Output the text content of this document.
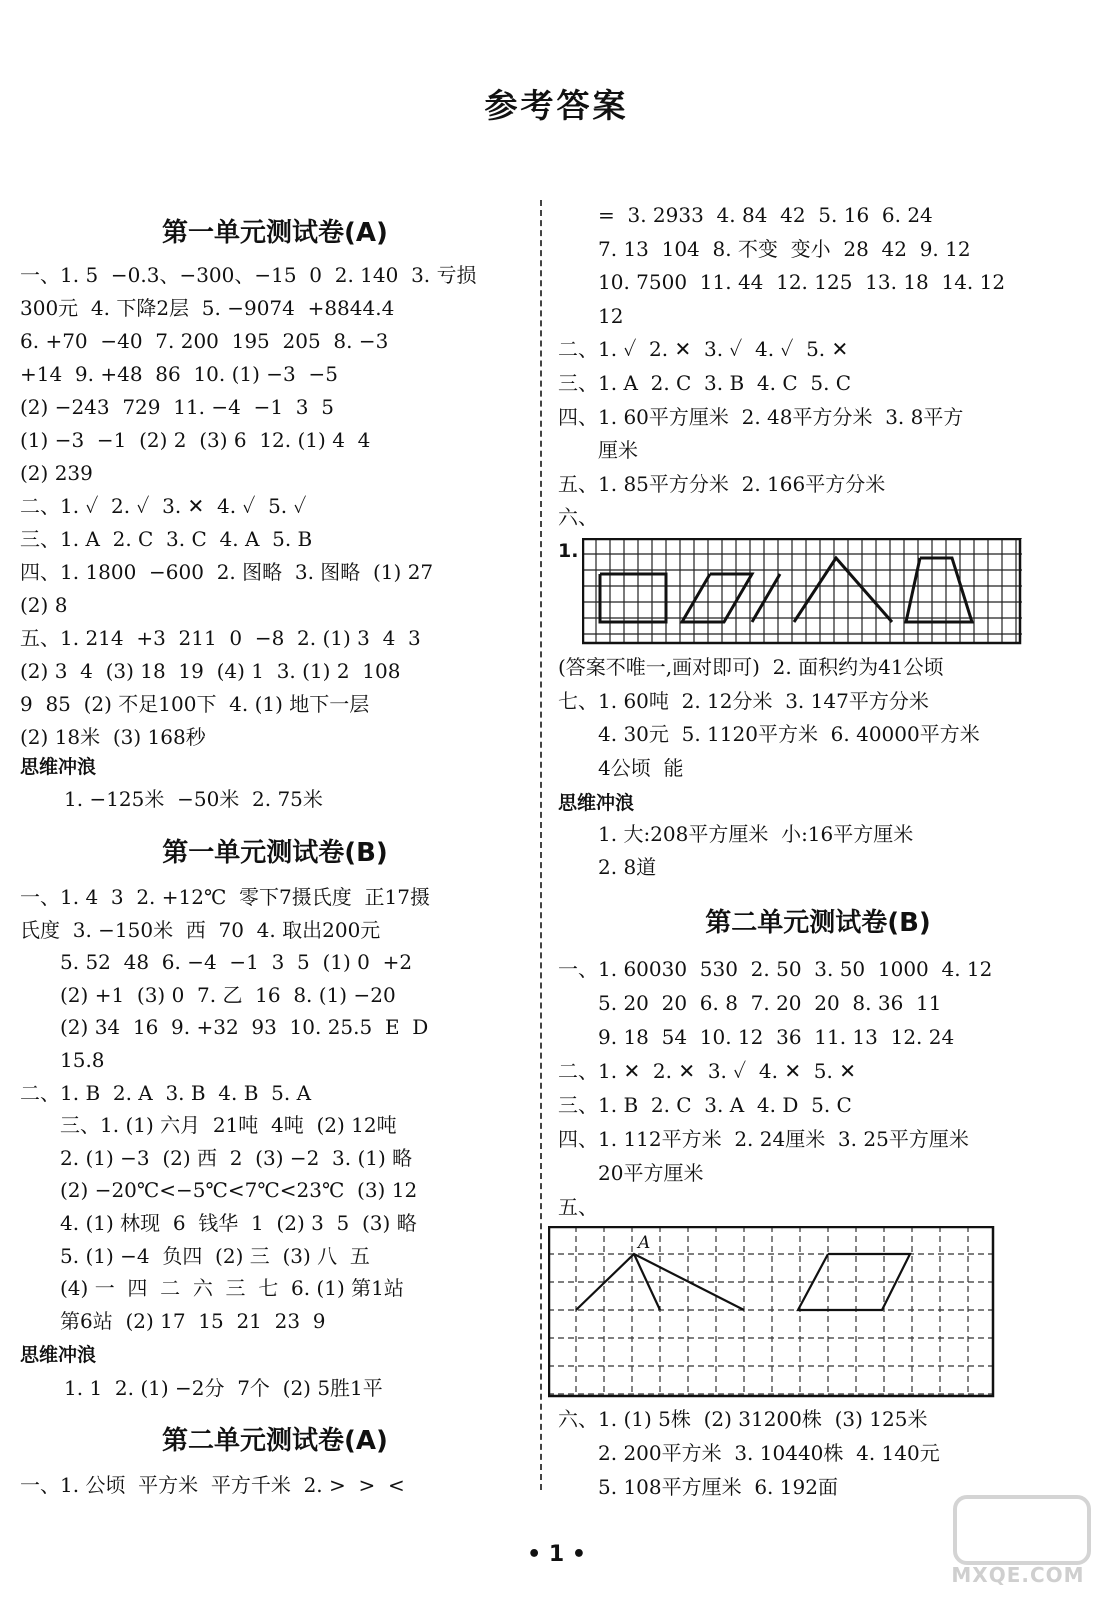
参考答案
第一单元测试卷(A)
一、1. 5  −0.3、−300、−15  0  2. 140  3. 亏损
300元  4. 下降2层  5. −9074  +8844.4
6. +70  −40  7. 200  195  205  8. −3
+14  9. +48  86  10. (1) −3  −5
(2) −243  729  11. −4  −1  3  5
(1) −3  −1  (2) 2  (3) 6  12. (1) 4  4
(2) 239
二、1. ✓  2. ✓  3. ✕  4. ✓  5. ✓
三、1. A  2. C  3. C  4. A  5. B
四、1. 1800  −600  2. 图略  3. 图略  (1) 27
(2) 8
五、1. 214  +3  211  0  −8  2. (1) 3  4  3
(2) 3  4  (3) 18  19  (4) 1  3. (1) 2  108
9  85  (2) 不足100下  4. (1) 地下一层
(2) 18米  (3) 168秒
思维冲浪
1. −125米  −50米  2. 75米
第一单元测试卷(B)
一、1. 4  3  2. +12℃  零下7摄氏度  正17摄
氏度  3. −150米  西  70  4. 取出200元
5. 52  48  6. −4  −1  3  5  (1) 0  +2
(2) +1  (3) 0  7. 乙  16  8. (1) −20
(2) 34  16  9. +32  93  10. 25.5  E  D
15.8
二、1. B  2. A  3. B  4. B  5. A
三、1. (1) 六月  21吨  4吨  (2) 12吨
2. (1) −3  (2) 西  2  (3) −2  3. (1) 略
(2) −20℃<−5℃<7℃<23℃  (3) 12
4. (1) 林现  6  钱华  1  (2) 3  5  (3) 略
5. (1) −4  负四  (2) 三  (3) 八  五
(4) 一  四  二  六  三  七  6. (1) 第1站
第6站  (2) 17  15  21  23  9
思维冲浪
1. 1  2. (1) −2分  7个  (2) 5胜1平
第二单元测试卷(A)
一、1. 公顷  平方米  平方千米  2. >  >  <
=  3. 2933  4. 84  42  5. 16  6. 24
7. 13  104  8. 不变  变小  28  42  9. 12
10. 7500  11. 44  12. 125  13. 18  14. 12
12
二、1. ✓  2. ✕  3. ✓  4. ✓  5. ✕
三、1. A  2. C  3. B  4. C  5. C
四、1. 60平方厘米  2. 48平方分米  3. 8平方
厘米
五、1. 85平方分米  2. 166平方分米
六、
1.
(答案不唯一,画对即可)  2. 面积约为41公顷
七、1. 60吨  2. 12分米  3. 147平方分米
4. 30元  5. 1120平方米  6. 40000平方米
4公顷  能
思维冲浪
1. 大:208平方厘米  小:16平方厘米
2. 8道
第二单元测试卷(B)
一、1. 60030  530  2. 50  3. 50  1000  4. 12
5. 20  20  6. 8  7. 20  20  8. 36  11
9. 18  54  10. 12  36  11. 13  12. 24
二、1. ✕  2. ✕  3. ✓  4. ✕  5. ✕
三、1. B  2. C  3. A  4. D  5. C
四、1. 112平方米  2. 24厘米  3. 25平方厘米
20平方厘米
五、
A
六、1. (1) 5株  (2) 31200株  (3) 125米
2. 200平方米  3. 10440株  4. 140元
5. 108平方厘米  6. 192面
• 1 •
MXQE.COM
